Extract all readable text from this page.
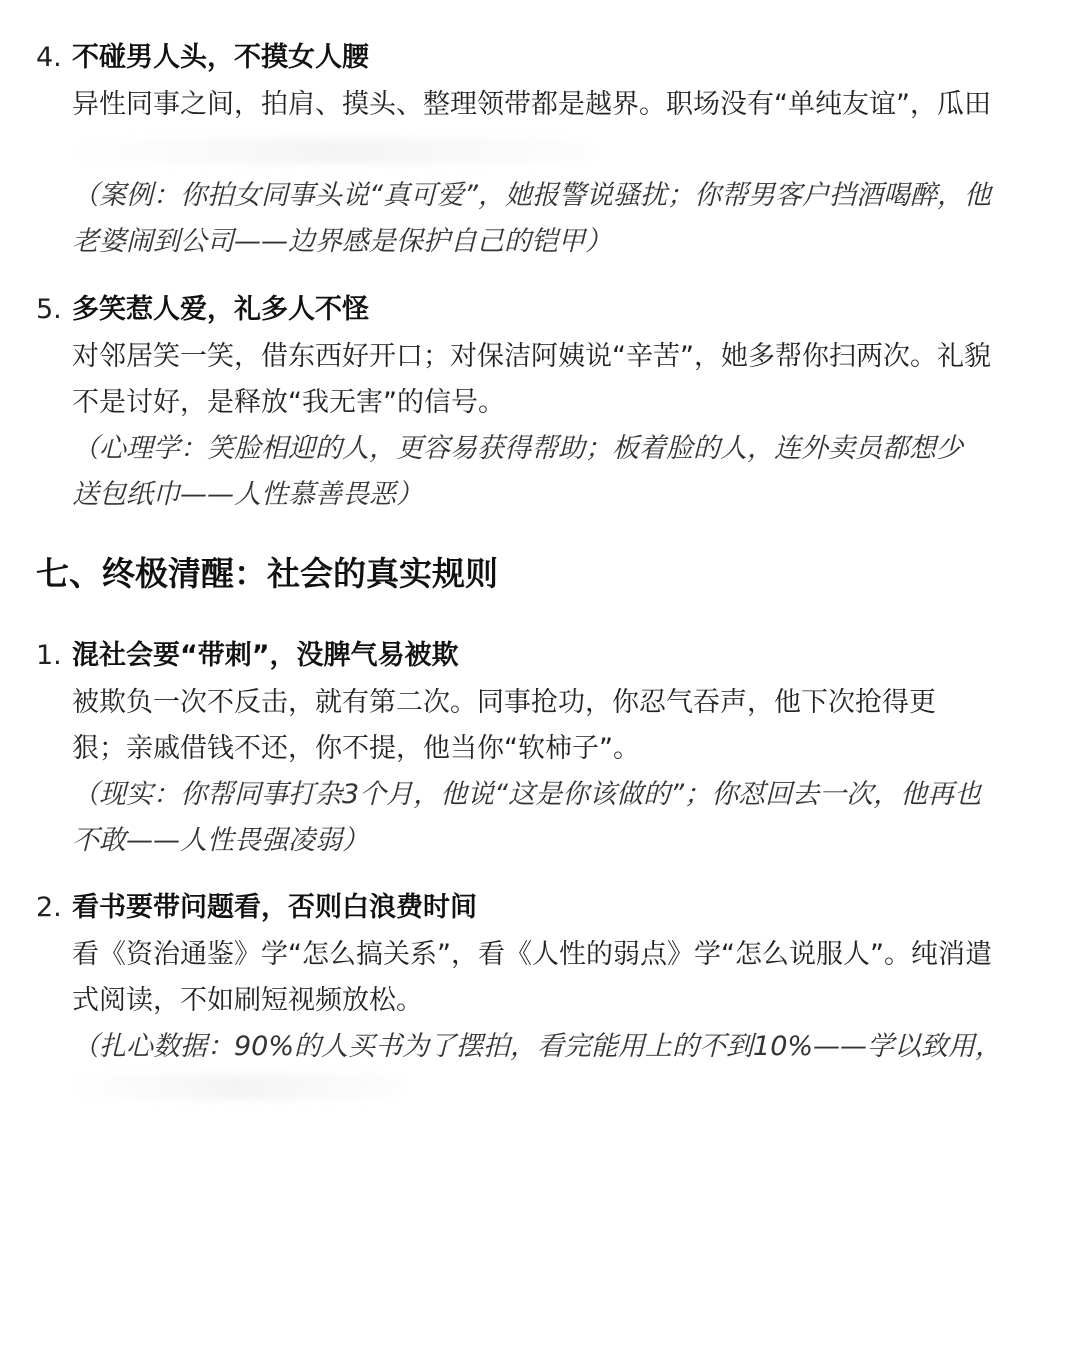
4. 不碰男人头，不摸女人腰
异性同事之间，拍肩、摸头、整理领带都是越界。职场没有“单纯友谊”，瓜田
（案例：你拍女同事头说“真可爱”，她报警说骚扰；你帮男客户挡酒喝醉，他
老婆闹到公司——边界感是保护自己的铠甲）
5. 多笑惹人爱，礼多人不怪
对邻居笑一笑，借东西好开口；对保洁阿姨说“辛苦”，她多帮你扫两次。礼貌
不是讨好，是释放“我无害”的信号。
（心理学：笑脸相迎的人，更容易获得帮助；板着脸的人，连外卖员都想少
送包纸巾——人性慕善畏恶）
七、终极清醒：社会的真实规则
1. 混社会要“带刺”，没脾气易被欺
被欺负一次不反击，就有第二次。同事抢功，你忍气吞声，他下次抢得更
狠；亲戚借钱不还，你不提，他当你“软柿子”。
（现实：你帮同事打杂3个月，他说“这是你该做的”；你怼回去一次，他再也
不敢——人性畏强凌弱）
2. 看书要带问题看，否则白浪费时间
看《资治通鉴》学“怎么搞关系”，看《人性的弱点》学“怎么说服人”。纯消遣
式阅读，不如刷短视频放松。
（扎心数据：90%的人买书为了摆拍，看完能用上的不到10%——学以致用，
